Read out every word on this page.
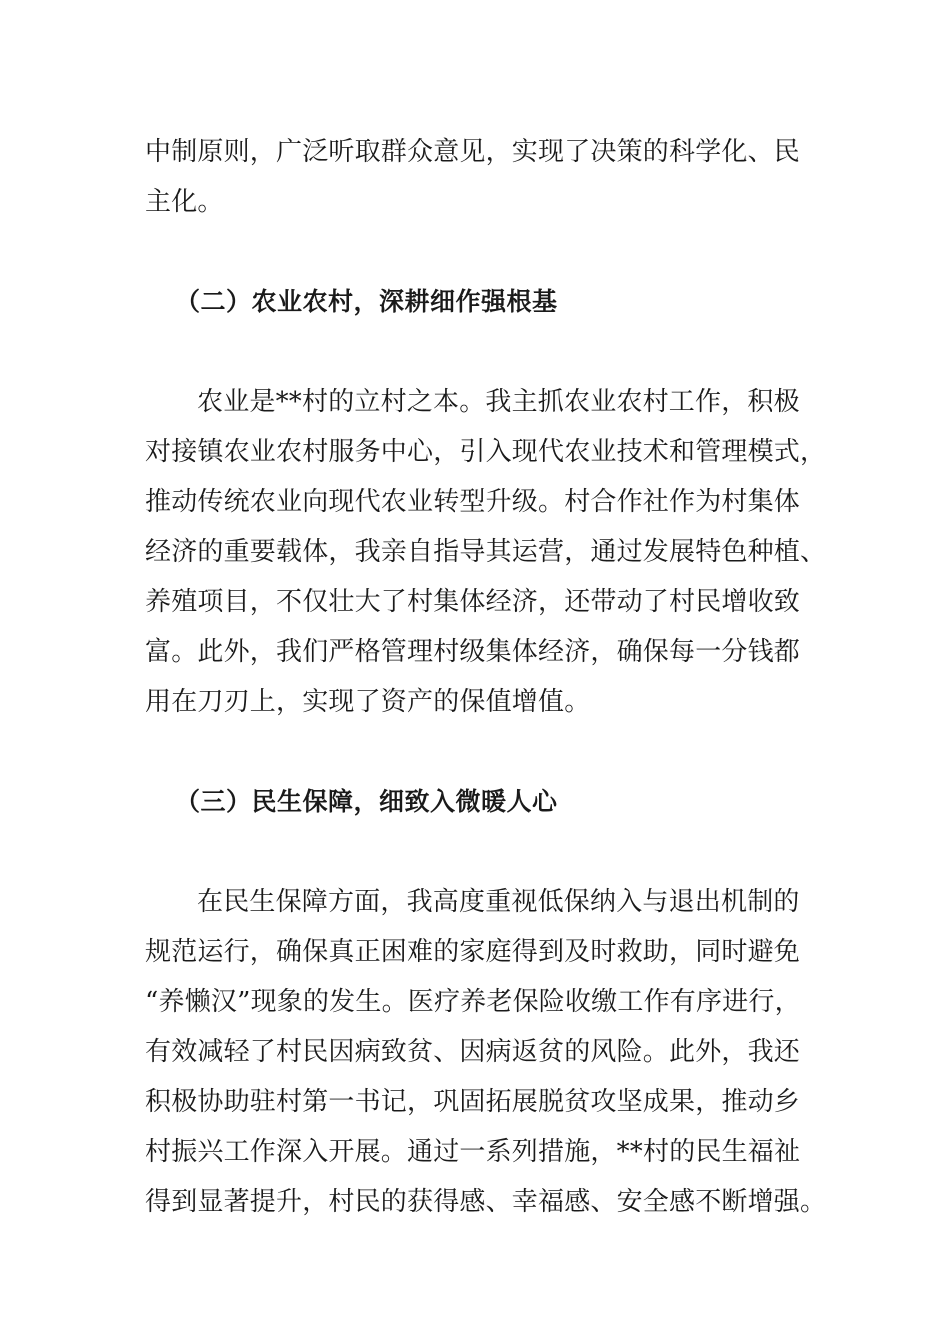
中制原则，广泛听取群众意见，实现了决策的科学化、民
主化。
（二）农业农村，深耕细作强根基
农业是**村的立村之本。我主抓农业农村工作，积极
对接镇农业农村服务中心，引入现代农业技术和管理模式，
推动传统农业向现代农业转型升级。村合作社作为村集体
经济的重要载体，我亲自指导其运营，通过发展特色种植、
养殖项目，不仅壮大了村集体经济，还带动了村民增收致
富。此外，我们严格管理村级集体经济，确保每一分钱都
用在刀刃上，实现了资产的保值增值。
（三）民生保障，细致入微暖人心
在民生保障方面，我高度重视低保纳入与退出机制的
规范运行，确保真正困难的家庭得到及时救助，同时避免
“养懒汉”现象的发生。医疗养老保险收缴工作有序进行，
有效减轻了村民因病致贫、因病返贫的风险。此外，我还
积极协助驻村第一书记，巩固拓展脱贫攻坚成果，推动乡
村振兴工作深入开展。通过一系列措施，**村的民生福祉
得到显著提升，村民的获得感、幸福感、安全感不断增强。
